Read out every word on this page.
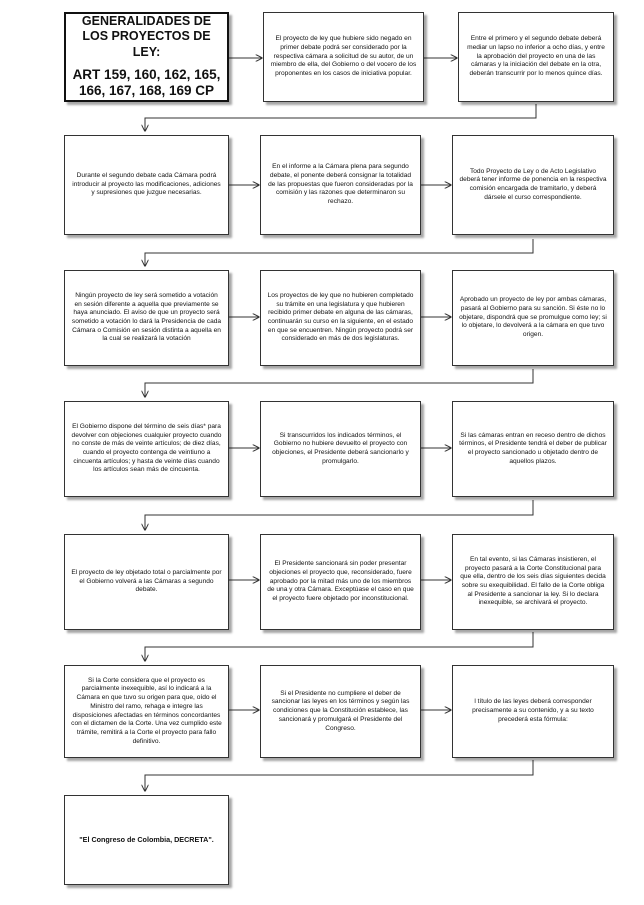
GENERALIDADES DE LOS PROYECTOS DE LEY:
ART 159, 160, 162, 165, 166, 167, 168, 169 CP
El proyecto de ley que hubiere sido negado en primer debate podrá ser considerado por la respectiva cámara a solicitud de su autor, de un miembro de ella, del Gobierno o del vocero de los proponentes en los casos de iniciativa popular.
Entre el primero y el segundo debate deberá mediar un lapso no inferior a ocho días, y entre la aprobación del proyecto en una de las cámaras y la iniciación del debate en la otra, deberán transcurrir por lo menos quince días.
Durante el segundo debate cada Cámara podrá introducir al proyecto las modificaciones, adiciones y supresiones que juzgue necesarias.
En el informe a la Cámara plena para segundo debate, el ponente deberá consignar la totalidad de las propuestas que fueron consideradas por la comisión y las razones que determinaron su rechazo.
Todo Proyecto de Ley o de Acto Legislativo deberá tener informe de ponencia en la respectiva comisión encargada de tramitarlo, y deberá dársele el curso correspondiente.
Ningún proyecto de ley será sometido a votación en sesión diferente a aquella que previamente se haya anunciado. El aviso de que un proyecto será sometido a votación lo dará la Presidencia de cada Cámara o Comisión en sesión distinta a aquella en la cual se realizará la votación
Los proyectos de ley que no hubieren completado su trámite en una legislatura y que hubieren recibido primer debate en alguna de las cámaras, continuarán su curso en la siguiente, en el estado en que se encuentren. Ningún proyecto podrá ser considerado en más de dos legislaturas.
Aprobado un proyecto de ley por ambas cámaras, pasará al Gobierno para su sanción. Si éste no lo objetare, dispondrá que se promulgue como ley; si lo objetare, lo devolverá a la cámara en que tuvo origen.
El Gobierno dispone del término de seis días* para devolver con objeciones cualquier proyecto cuando no conste de más de veinte artículos; de diez días, cuando el proyecto contenga de veintiuno a cincuenta artículos; y hasta de veinte días cuando los artículos sean más de cincuenta.
Si transcurridos los indicados términos, el Gobierno no hubiere devuelto el proyecto con objeciones, el Presidente deberá sancionarlo y promulgarlo.
Si las cámaras entran en receso dentro de dichos términos, el Presidente tendrá el deber de publicar el proyecto sancionado u objetado dentro de aquellos plazos.
El proyecto de ley objetado total o parcialmente por el Gobierno volverá a las Cámaras a segundo debate.
El Presidente sancionará sin poder presentar objeciones el proyecto que, reconsiderado, fuere aprobado por la mitad más uno de los miembros de una y otra Cámara. Exceptúase el caso en que el proyecto fuere objetado por inconstitucional.
En tal evento, si las Cámaras insistieren, el proyecto pasará a la Corte Constitucional para que ella, dentro de los seis días siguientes decida sobre su exequibilidad. El fallo de la Corte obliga al Presidente a sancionar la ley. Si lo declara inexequible, se archivará el proyecto.
Si la Corte considera que el proyecto es parcialmente inexequible, así lo indicará a la Cámara en que tuvo su origen para que, oído el Ministro del ramo, rehaga e integre las disposiciones afectadas en términos concordantes con el dictamen de la Corte. Una vez cumplido este trámite, remitirá a la Corte el proyecto para fallo definitivo.
Si el Presidente no cumpliere el deber de sancionar las leyes en los términos y según las condiciones que la Constitución establece, las sancionará y promulgará el Presidente del Congreso.
l título de las leyes deberá corresponder precisamente a su contenido, y a su texto precederá esta fórmula:
"El Congreso de Colombia, DECRETA".
